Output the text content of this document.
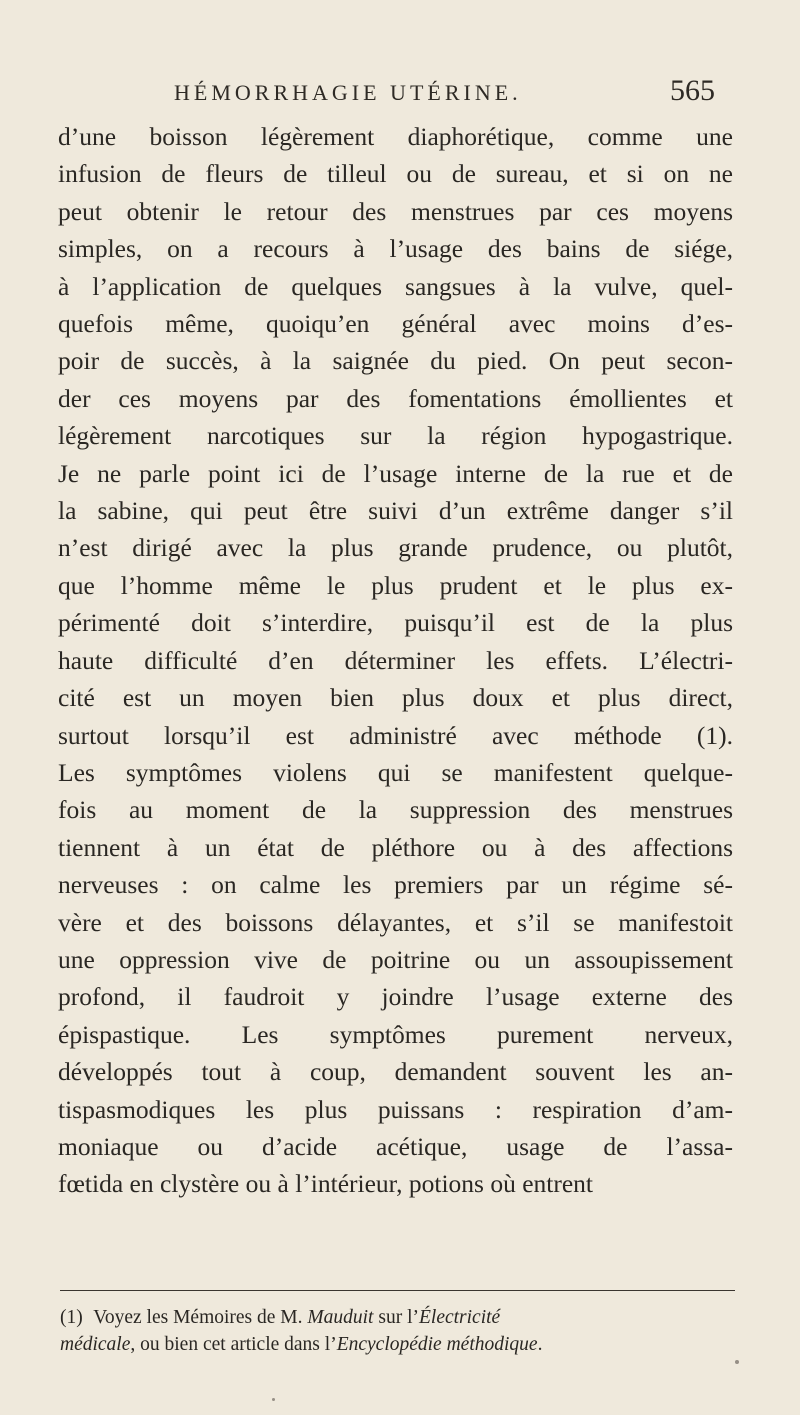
HÉMORRHAGIE UTÉRINE.	565
d’une boisson légèrement diaphorétique, comme une
infusion de fleurs de tilleul ou de sureau, et si on ne
peut obtenir le retour des menstrues par ces moyens
simples, on a recours à l’usage des bains de siége,
à l’application de quelques sangsues à la vulve, quel-
quefois même, quoiqu’en général avec moins d’es-
poir de succès, à la saignée du pied. On peut secon-
der ces moyens par des fomentations émollientes et
légèrement narcotiques sur la région hypogastrique.
Je ne parle point ici de l’usage interne de la rue et de
la sabine, qui peut être suivi d’un extrême danger s’il
n’est dirigé avec la plus grande prudence, ou plutôt,
que l’homme même le plus prudent et le plus ex-
périmenté doit s’interdire, puisqu’il est de la plus
haute difficulté d’en déterminer les effets. L’électri-
cité est un moyen bien plus doux et plus direct,
surtout lorsqu’il est administré avec méthode (1).
Les symptômes violens qui se manifestent quelque-
fois au moment de la suppression des menstrues
tiennent à un état de pléthore ou à des affections
nerveuses : on calme les premiers par un régime sé-
vère et des boissons délayantes, et s’il se manifestoit
une oppression vive de poitrine ou un assoupissement
profond, il faudroit y joindre l’usage externe des
épispastique. Les symptômes purement nerveux,
développés tout à coup, demandent souvent les an-
tispasmodiques les plus puissans : respiration d’am-
moniaque ou d’acide acétique, usage de l’assa-
fœtida en clystère ou à l’intérieur, potions où entrent
(1) Voyez les Mémoires de M. Mauduit sur l’Électricité
médicale, ou bien cet article dans l’Encyclopédie méthodique.
